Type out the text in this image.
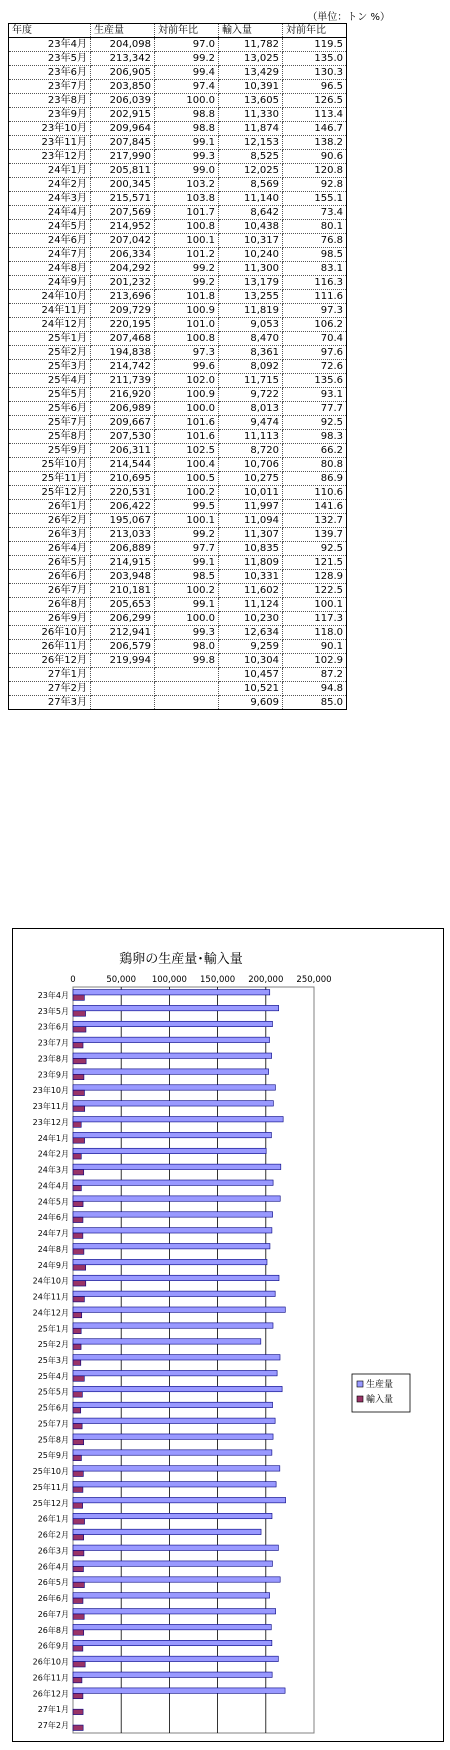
（単位：トン %）
年度	生産量	対前年比	輸入量	対前年比
23年4月	204,098	97.0	11,782	119.5
23年5月	213,342	99.2	13,025	135.0
23年6月	206,905	99.4	13,429	130.3
23年7月	203,850	97.4	10,391	96.5
23年8月	206,039	100.0	13,605	126.5
23年9月	202,915	98.8	11,330	113.4
23年10月	209,964	98.8	11,874	146.7
23年11月	207,845	99.1	12,153	138.2
23年12月	217,990	99.3	8,525	90.6
24年1月	205,811	99.0	12,025	120.8
24年2月	200,345	103.2	8,569	92.8
24年3月	215,571	103.8	11,140	155.1
24年4月	207,569	101.7	8,642	73.4
24年5月	214,952	100.8	10,438	80.1
24年6月	207,042	100.1	10,317	76.8
24年7月	206,334	101.2	10,240	98.5
24年8月	204,292	99.2	11,300	83.1
24年9月	201,232	99.2	13,179	116.3
24年10月	213,696	101.8	13,255	111.6
24年11月	209,729	100.9	11,819	97.3
24年12月	220,195	101.0	9,053	106.2
25年1月	207,468	100.8	8,470	70.4
25年2月	194,838	97.3	8,361	97.6
25年3月	214,742	99.6	8,092	72.6
25年4月	211,739	102.0	11,715	135.6
25年5月	216,920	100.9	9,722	93.1
25年6月	206,989	100.0	8,013	77.7
25年7月	209,667	101.6	9,474	92.5
25年8月	207,530	101.6	11,113	98.3
25年9月	206,311	102.5	8,720	66.2
25年10月	214,544	100.4	10,706	80.8
25年11月	210,695	100.5	10,275	86.9
25年12月	220,531	100.2	10,011	110.6
26年1月	206,422	99.5	11,997	141.6
26年2月	195,067	100.1	11,094	132.7
26年3月	213,033	99.2	11,307	139.7
26年4月	206,889	97.7	10,835	92.5
26年5月	214,915	99.1	11,809	121.5
26年6月	203,948	98.5	10,331	128.9
26年7月	210,181	100.2	11,602	122.5
26年8月	205,653	99.1	11,124	100.1
26年9月	206,299	100.0	10,230	117.3
26年10月	212,941	99.3	12,634	118.0
26年11月	206,579	98.0	9,259	90.1
26年12月	219,994	99.8	10,304	102.9
27年1月			10,457	87.2
27年2月			10,521	94.8
27年3月			9,609	85.0
鶏卵の生産量･輸入量
0	50,000 100,000 150,000 200,000 250,000
23年4月
23年5月
23年6月
23年7月
23年8月
23年9月
23年10月
23年11月
23年12月
24年1月
24年2月
24年3月
24年4月
24年5月
24年6月
24年7月
24年8月
24年9月
24年10月
24年11月
24年12月
25年1月
25年2月
25年3月
25年4月
25年5月
25年6月
25年7月
25年8月
25年9月
25年10月
25年11月
25年12月
26年1月
26年2月
26年3月
26年4月
26年5月
26年6月
26年7月
26年8月
26年9月
26年10月
26年11月
26年12月
27年1月
27年2月
生産量
輸入量
